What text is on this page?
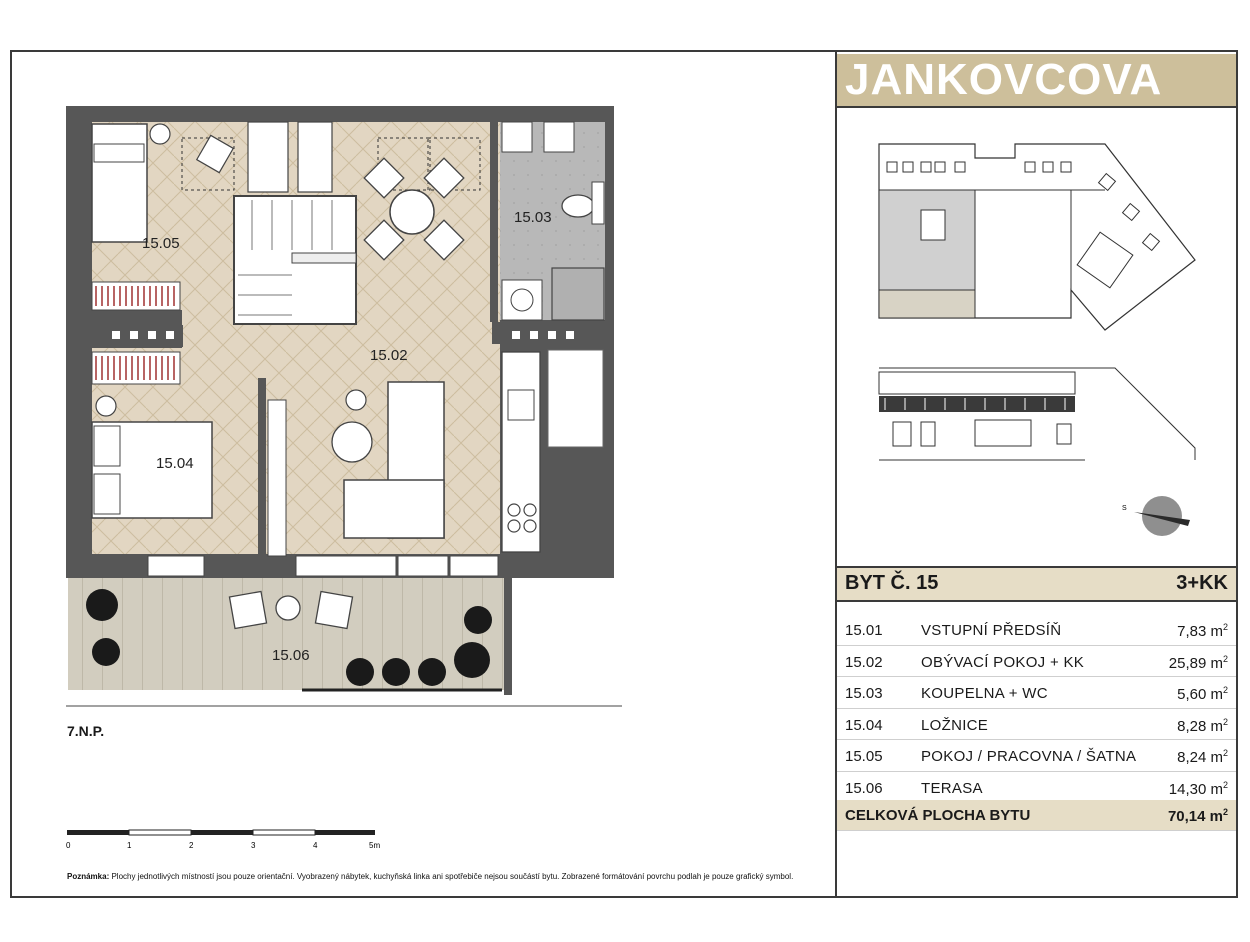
15.05
15.02
15.03
15.04
15.06
7.N.P.
0	1	2	3	4	5m
Poznámka: Plochy jednotlivých místností jsou pouze orientační. Vyobrazený nábytek, kuchyňská linka ani spotřebiče nejsou součástí bytu. Zobrazené formátování povrchu podlah je pouze grafický symbol.
JANKOVCOVA
S
BYT Č. 15	3+KK
15.01	VSTUPNÍ PŘEDSÍŇ	7,83 $m^2$
15.02	OBÝVACÍ POKOJ + KK	25,89 $m^2$
15.03	KOUPELNA + WC	5,60 $m^2$
15.04	LOŽNICE	8,28 $m^2$
15.05	POKOJ / PRACOVNA / ŠATNA	8,24 $m^2$
15.06	TERASA	14,30 $m^2$
CELKOVÁ PLOCHA BYTU	70,14 $m^2$
